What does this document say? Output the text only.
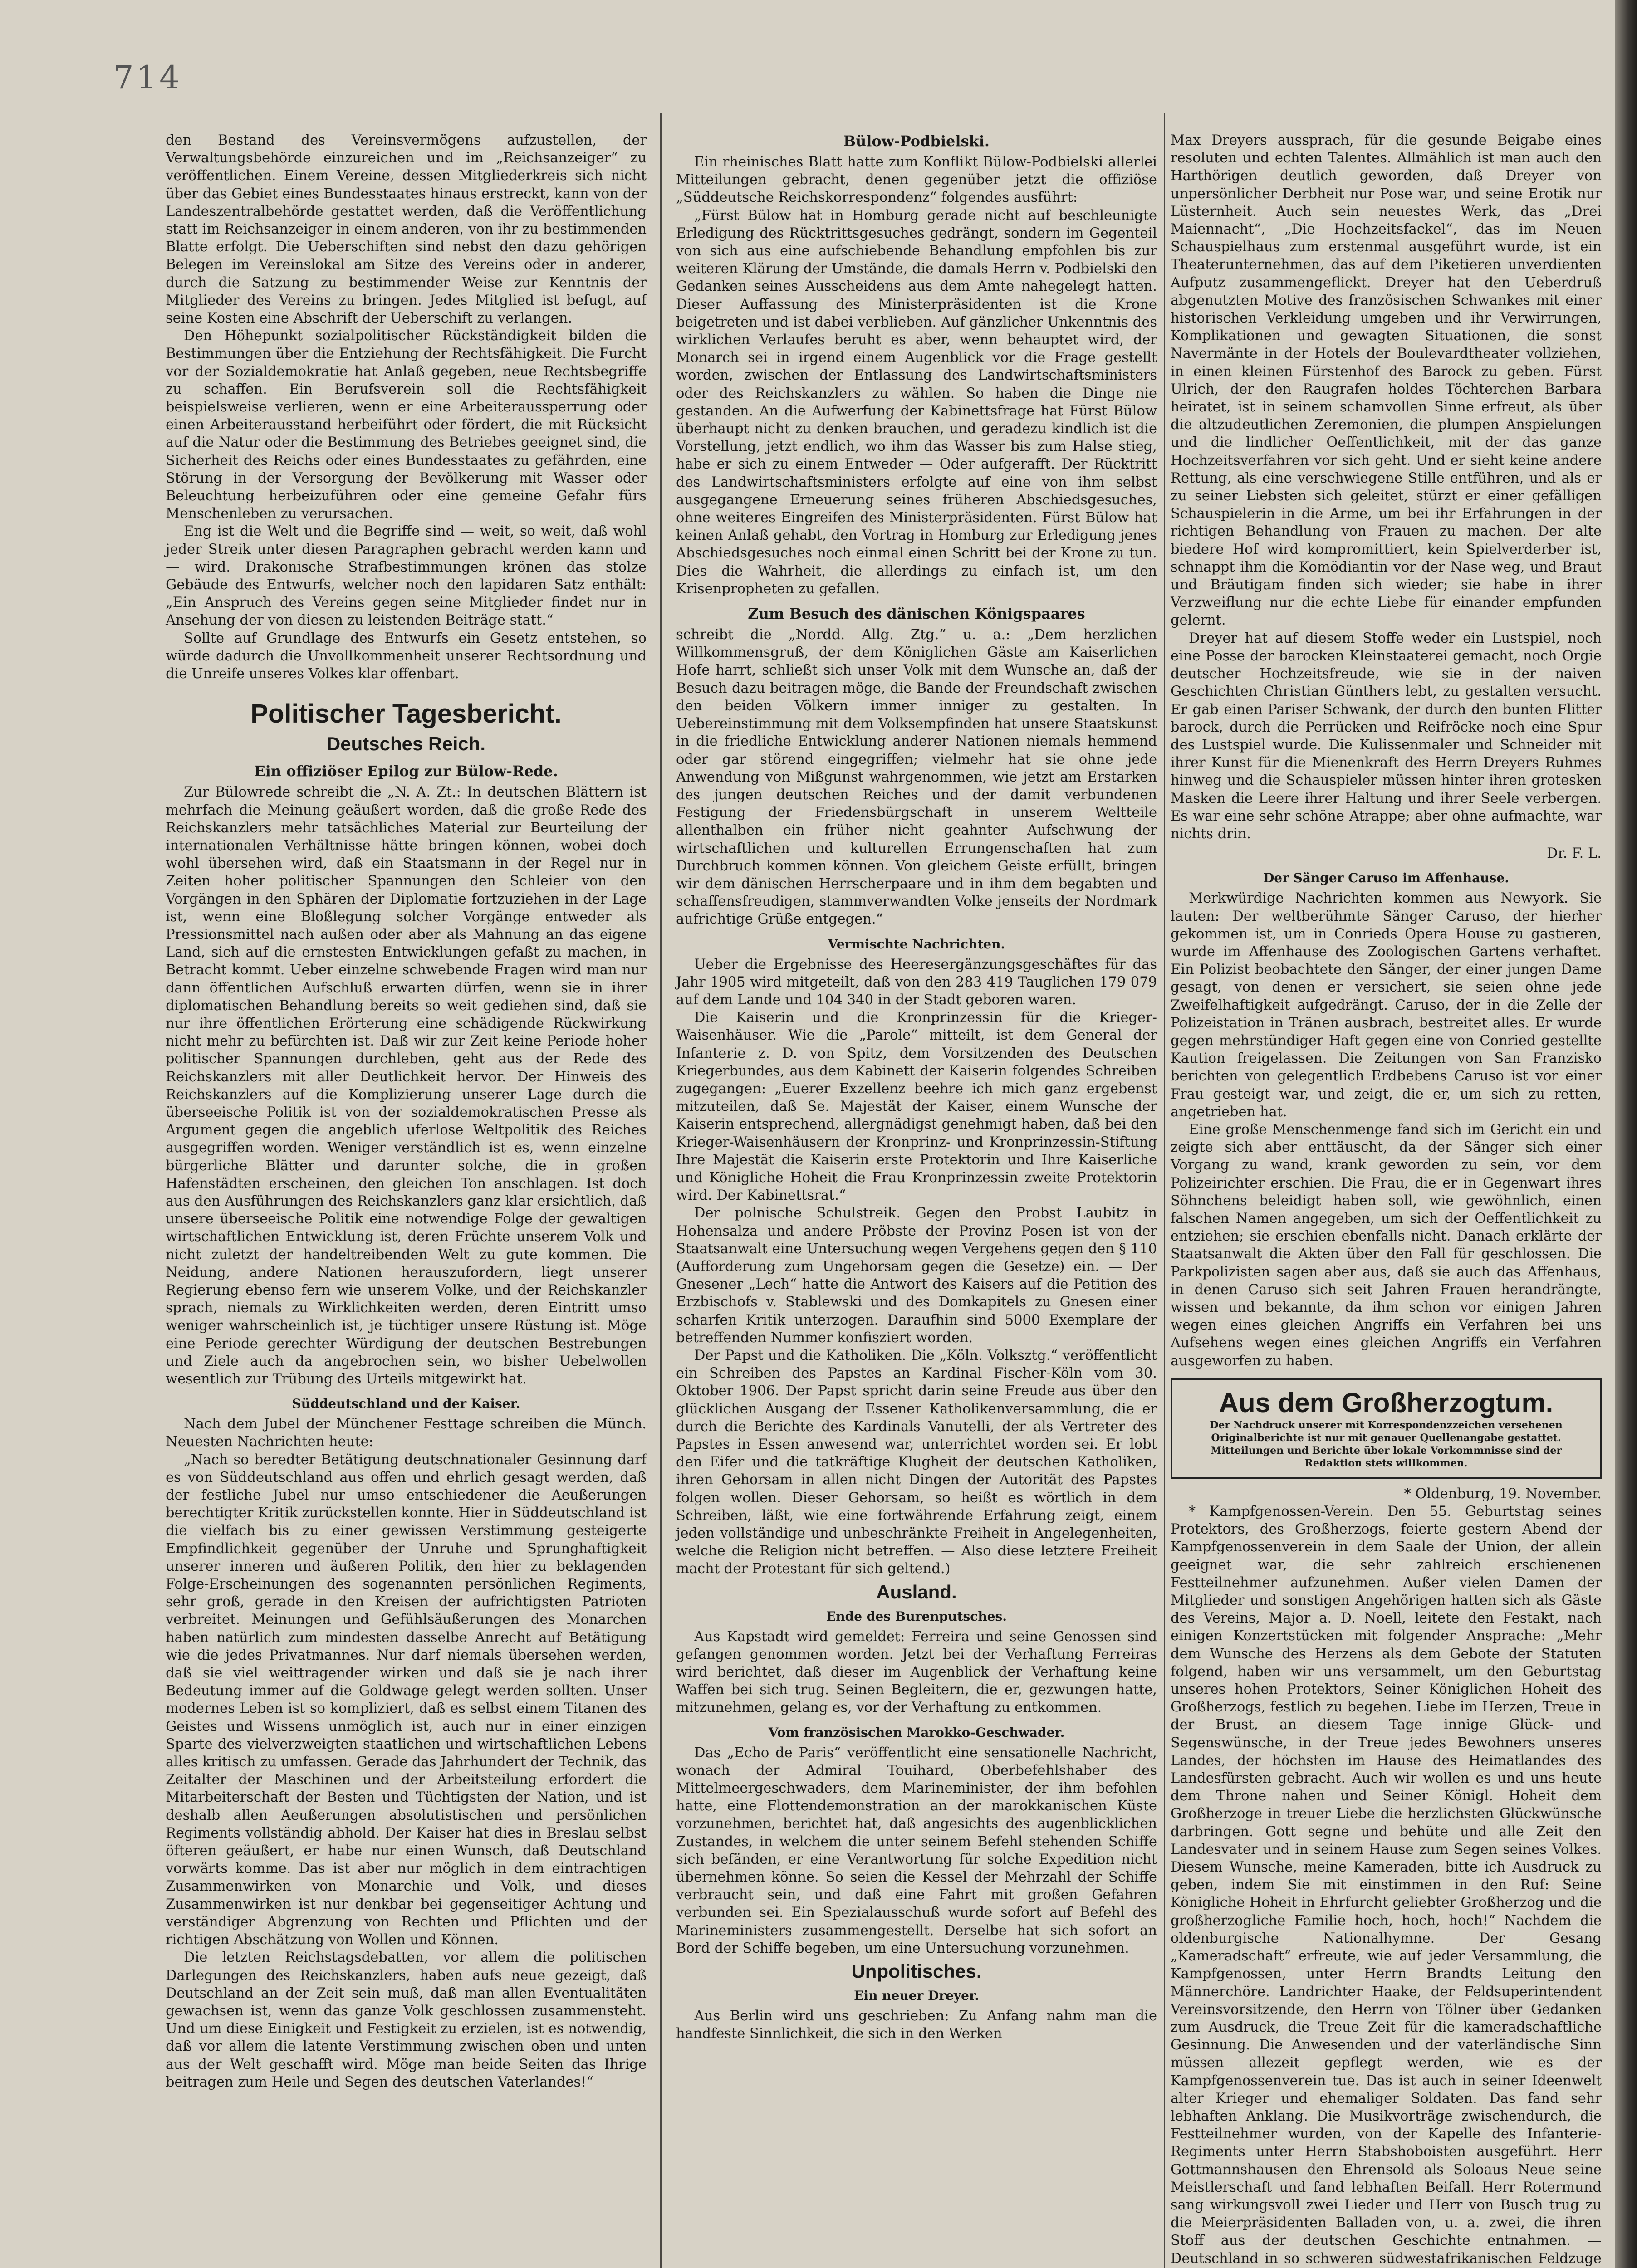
714

den Bestand des Vereinsvermögens aufzustellen, der Verwaltungsbehörde einzureichen und im „Reichsanzeiger“ zu veröffentlichen. Einem Vereine, dessen Mitgliederkreis sich nicht über das Gebiet eines Bundesstaates hinaus erstreckt, kann von der Landeszentralbehörde gestattet werden, daß die Veröffentlichung statt im Reichsanzeiger in einem anderen, von ihr zu bestimmenden Blatte erfolgt. Die Ueberschiften sind nebst den dazu gehörigen Belegen im Vereinslokal am Sitze des Vereins oder in anderer, durch die Satzung zu bestimmender Weise zur Kenntnis der Mitglieder des Vereins zu bringen. Jedes Mitglied ist befugt, auf seine Kosten eine Abschrift der Ueberschift zu verlangen.

Den Höhepunkt sozialpolitischer Rückständigkeit bilden die Bestimmungen über die Entziehung der Rechtsfähigkeit. Die Furcht vor der Sozialdemokratie hat Anlaß gegeben, neue Rechtsbegriffe zu schaffen. Ein Berufsverein soll die Rechtsfähigkeit beispielsweise verlieren, wenn er eine Arbeiteraussperrung oder einen Arbeiterausstand herbeiführt oder fördert, die mit Rücksicht auf die Natur oder die Bestimmung des Betriebes geeignet sind, die Sicherheit des Reichs oder eines Bundesstaates zu gefährden, eine Störung in der Versorgung der Bevölkerung mit Wasser oder Beleuchtung herbeizuführen oder eine gemeine Gefahr fürs Menschenleben zu verursachen.

Eng ist die Welt und die Begriffe sind — weit, so weit, daß wohl jeder Streik unter diesen Paragraphen gebracht werden kann und — wird. Drakonische Strafbestimmungen krönen das stolze Gebäude des Entwurfs, welcher noch den lapidaren Satz enthält: „Ein Anspruch des Vereins gegen seine Mitglieder findet nur in Ansehung der von diesen zu leistenden Beiträge statt.“

Sollte auf Grundlage des Entwurfs ein Gesetz entstehen, so würde dadurch die Unvollkommenheit unserer Rechtsordnung und die Unreife unseres Volkes klar offenbart.

Politischer Tagesbericht.
Deutsches Reich.
Ein offiziöser Epilog zur Bülow-Rede.

Zur Bülowrede schreibt die „N. A. Zt.: In deutschen Blättern ist mehrfach die Meinung geäußert worden, daß die große Rede des Reichskanzlers mehr tatsächliches Material zur Beurteilung der internationalen Verhältnisse hätte bringen können, wobei doch wohl übersehen wird, daß ein Staatsmann in der Regel nur in Zeiten hoher politischer Spannungen den Schleier von den Vorgängen in den Sphären der Diplomatie fortzuziehen in der Lage ist, wenn eine Bloßlegung solcher Vorgänge entweder als Pressionsmittel nach außen oder aber als Mahnung an das eigene Land, sich auf die ernstesten Entwicklungen gefaßt zu machen, in Betracht kommt. Ueber einzelne schwebende Fragen wird man nur dann öffentlichen Aufschluß erwarten dürfen, wenn sie in ihrer diplomatischen Behandlung bereits so weit gediehen sind, daß sie nur ihre öffentlichen Erörterung eine schädigende Rückwirkung nicht mehr zu befürchten ist. Daß wir zur Zeit keine Periode hoher politischer Spannungen durchleben, geht aus der Rede des Reichskanzlers mit aller Deutlichkeit hervor. Der Hinweis des Reichskanzlers auf die Komplizierung unserer Lage durch die überseeische Politik ist von der sozialdemokratischen Presse als Argument gegen die angeblich uferlose Weltpolitik des Reiches ausgegriffen worden. Weniger verständlich ist es, wenn einzelne bürgerliche Blätter und darunter solche, die in großen Hafenstädten erscheinen, den gleichen Ton anschlagen. Ist doch aus den Ausführungen des Reichskanzlers ganz klar ersichtlich, daß unsere überseeische Politik eine notwendige Folge der gewaltigen wirtschaftlichen Entwicklung ist, deren Früchte unserem Volk und nicht zuletzt der handeltreibenden Welt zu gute kommen. Die Neidung, andere Nationen herauszufordern, liegt unserer Regierung ebenso fern wie unserem Volke, und der Reichskanzler sprach, niemals zu Wirklichkeiten werden, deren Eintritt umso weniger wahrscheinlich ist, je tüchtiger unsere Rüstung ist. Möge eine Periode gerechter Würdigung der deutschen Bestrebungen und Ziele auch da angebrochen sein, wo bisher Uebelwollen wesentlich zur Trübung des Urteils mitgewirkt hat.

Süddeutschland und der Kaiser.

Nach dem Jubel der Münchener Festtage schreiben die Münch. Neuesten Nachrichten heute:

„Nach so beredter Betätigung deutschnationaler Gesinnung darf es von Süddeutschland aus offen und ehrlich gesagt werden, daß der festliche Jubel nur umso entschiedener die Aeußerungen berechtigter Kritik zurückstellen konnte. Hier in Süddeutschland ist die vielfach bis zu einer gewissen Verstimmung gesteigerte Empfindlichkeit gegenüber der Unruhe und Sprunghaftigkeit unserer inneren und äußeren Politik, den hier zu beklagenden Folge-Erscheinungen des sogenannten persönlichen Regiments, sehr groß, gerade in den Kreisen der aufrichtigsten Patrioten verbreitet. Meinungen und Gefühlsäußerungen des Monarchen haben natürlich zum mindesten dasselbe Anrecht auf Betätigung wie die jedes Privatmannes. Nur darf niemals übersehen werden, daß sie viel weittragender wirken und daß sie je nach ihrer Bedeutung immer auf die Goldwage gelegt werden sollten. Unser modernes Leben ist so kompliziert, daß es selbst einem Titanen des Geistes und Wissens unmöglich ist, auch nur in einer einzigen Sparte des vielverzweigten staatlichen und wirtschaftlichen Lebens alles kritisch zu umfassen. Gerade das Jahrhundert der Technik, das Zeitalter der Maschinen und der Arbeitsteilung erfordert die Mitarbeiterschaft der Besten und Tüchtigsten der Nation, und ist deshalb allen Aeußerungen absolutistischen und persönlichen Regiments vollständig abhold. Der Kaiser hat dies in Breslau selbst öfteren geäußert, er habe nur einen Wunsch, daß Deutschland vorwärts komme. Das ist aber nur möglich in dem eintrachtigen Zusammenwirken von Monarchie und Volk, und dieses Zusammenwirken ist nur denkbar bei gegenseitiger Achtung und verständiger Abgrenzung von Rechten und Pflichten und der richtigen Abschätzung von Wollen und Können.

Die letzten Reichstagsdebatten, vor allem die politischen Darlegungen des Reichskanzlers, haben aufs neue gezeigt, daß Deutschland an der Zeit sein muß, daß man allen Eventualitäten gewachsen ist, wenn das ganze Volk geschlossen zusammensteht. Und um diese Einigkeit und Festigkeit zu erzielen, ist es notwendig, daß vor allem die latente Verstimmung zwischen oben und unten aus der Welt geschafft wird. Möge man beide Seiten das Ihrige beitragen zum Heile und Segen des deutschen Vaterlandes!“

Bülow-Podbielski.

Ein rheinisches Blatt hatte zum Konflikt Bülow-Podbielski allerlei Mitteilungen gebracht, denen gegenüber jetzt die offiziöse „Süddeutsche Reichskorrespondenz“ folgendes ausführt:

„Fürst Bülow hat in Homburg gerade nicht auf beschleunigte Erledigung des Rücktrittsgesuches gedrängt, sondern im Gegenteil von sich aus eine aufschiebende Behandlung empfohlen bis zur weiteren Klärung der Umstände, die damals Herrn v. Podbielski den Gedanken seines Ausscheidens aus dem Amte nahegelegt hatten. Dieser Auffassung des Ministerpräsidenten ist die Krone beigetreten und ist dabei verblieben. Auf gänzlicher Unkenntnis des wirklichen Verlaufes beruht es aber, wenn behauptet wird, der Monarch sei in irgend einem Augenblick vor die Frage gestellt worden, zwischen der Entlassung des Landwirtschaftsministers oder des Reichskanzlers zu wählen. So haben die Dinge nie gestanden. An die Aufwerfung der Kabinettsfrage hat Fürst Bülow überhaupt nicht zu denken brauchen, und geradezu kindlich ist die Vorstellung, jetzt endlich, wo ihm das Wasser bis zum Halse stieg, habe er sich zu einem Entweder — Oder aufgerafft. Der Rücktritt des Landwirtschaftsministers erfolgte auf eine von ihm selbst ausgegangene Erneuerung seines früheren Abschiedsgesuches, ohne weiteres Eingreifen des Ministerpräsidenten. Fürst Bülow hat keinen Anlaß gehabt, den Vortrag in Homburg zur Erledigung jenes Abschiedsgesuches noch einmal einen Schritt bei der Krone zu tun. Dies die Wahrheit, die allerdings zu einfach ist, um den Krisenpropheten zu gefallen.

Zum Besuch des dänischen Königspaares

schreibt die „Nordd. Allg. Ztg.“ u. a.: „Dem herzlichen Willkommensgruß, der dem Königlichen Gäste am Kaiserlichen Hofe harrt, schließt sich unser Volk mit dem Wunsche an, daß der Besuch dazu beitragen möge, die Bande der Freundschaft zwischen den beiden Völkern immer inniger zu gestalten. In Uebereinstimmung mit dem Volksempfinden hat unsere Staatskunst in die friedliche Entwicklung anderer Nationen niemals hemmend oder gar störend eingegriffen; vielmehr hat sie ohne jede Anwendung von Mißgunst wahrgenommen, wie jetzt am Erstarken des jungen deutschen Reiches und der damit verbundenen Festigung der Friedensbürgschaft in unserem Weltteile allenthalben ein früher nicht geahnter Aufschwung der wirtschaftlichen und kulturellen Errungenschaften hat zum Durchbruch kommen können. Von gleichem Geiste erfüllt, bringen wir dem dänischen Herrscherpaare und in ihm dem begabten und schaffensfreudigen, stammverwandten Volke jenseits der Nordmark aufrichtige Grüße entgegen.“

Vermischte Nachrichten.

Ueber die Ergebnisse des Heeresergänzungsgeschäftes für das Jahr 1905 wird mitgeteilt, daß von den 283 419 Tauglichen 179 079 auf dem Lande und 104 340 in der Stadt geboren waren.

Die Kaiserin und die Kronprinzessin für die Krieger-Waisenhäuser. Wie die „Parole“ mitteilt, ist dem General der Infanterie z. D. von Spitz, dem Vorsitzenden des Deutschen Kriegerbundes, aus dem Kabinett der Kaiserin folgendes Schreiben zugegangen: „Euerer Exzellenz beehre ich mich ganz ergebenst mitzuteilen, daß Se. Majestät der Kaiser, einem Wunsche der Kaiserin entsprechend, allergnädigst genehmigt haben, daß bei den Krieger-Waisenhäusern der Kronprinz- und Kronprinzessin-Stiftung Ihre Majestät die Kaiserin erste Protektorin und Ihre Kaiserliche und Königliche Hoheit die Frau Kronprinzessin zweite Protektorin wird. Der Kabinettsrat.“

Der polnische Schulstreik. Gegen den Probst Laubitz in Hohensalza und andere Pröbste der Provinz Posen ist von der Staatsanwalt eine Untersuchung wegen Vergehens gegen den § 110 (Aufforderung zum Ungehorsam gegen die Gesetze) ein. — Der Gnesener „Lech“ hatte die Antwort des Kaisers auf die Petition des Erzbischofs v. Stablewski und des Domkapitels zu Gnesen einer scharfen Kritik unterzogen. Daraufhin sind 5000 Exemplare der betreffenden Nummer konfisziert worden.

Der Papst und die Katholiken. Die „Köln. Volksztg.“ veröffentlicht ein Schreiben des Papstes an Kardinal Fischer-Köln vom 30. Oktober 1906. Der Papst spricht darin seine Freude aus über den glücklichen Ausgang der Essener Katholikenversammlung, die er durch die Berichte des Kardinals Vanutelli, der als Vertreter des Papstes in Essen anwesend war, unterrichtet worden sei. Er lobt den Eifer und die tatkräftige Klugheit der deutschen Katholiken, ihren Gehorsam in allen nicht Dingen der Autorität des Papstes folgen wollen. Dieser Gehorsam, so heißt es wörtlich in dem Schreiben, läßt, wie eine fortwährende Erfahrung zeigt, einem jeden vollständige und unbeschränkte Freiheit in Angelegenheiten, welche die Religion nicht betreffen. — Also diese letztere Freiheit macht der Protestant für sich geltend.)

Ausland.
Ende des Burenputsches.

Aus Kapstadt wird gemeldet: Ferreira und seine Genossen sind gefangen genommen worden. Jetzt bei der Verhaftung Ferreiras wird berichtet, daß dieser im Augenblick der Verhaftung keine Waffen bei sich trug. Seinen Begleitern, die er, gezwungen hatte, mitzunehmen, gelang es, vor der Verhaftung zu entkommen.

Vom französischen Marokko-Geschwader.

Das „Echo de Paris“ veröffentlicht eine sensationelle Nachricht, wonach der Admiral Touihard, Oberbefehlshaber des Mittelmeergeschwaders, dem Marineminister, der ihm befohlen hatte, eine Flottendemonstration an der marokkanischen Küste vorzunehmen, berichtet hat, daß angesichts des augenblicklichen Zustandes, in welchem die unter seinem Befehl stehenden Schiffe sich befänden, er eine Verantwortung für solche Expedition nicht übernehmen könne. So seien die Kessel der Mehrzahl der Schiffe verbraucht sein, und daß eine Fahrt mit großen Gefahren verbunden sei. Ein Spezialausschuß wurde sofort auf Befehl des Marineministers zusammengestellt. Derselbe hat sich sofort an Bord der Schiffe begeben, um eine Untersuchung vorzunehmen.

Unpolitisches.
Ein neuer Dreyer.

Aus Berlin wird uns geschrieben: Zu Anfang nahm man die handfeste Sinnlichkeit, die sich in den Werken

Max Dreyers aussprach, für die gesunde Beigabe eines resoluten und echten Talentes. Allmählich ist man auch den Harthörigen deutlich geworden, daß Dreyer von unpersönlicher Derbheit nur Pose war, und seine Erotik nur Lüsternheit. Auch sein neuestes Werk, das „Drei Maiennacht“, „Die Hochzeitsfackel“, das im Neuen Schauspielhaus zum erstenmal ausgeführt wurde, ist ein Theaterunternehmen, das auf dem Piketieren unverdienten Aufputz zusammengeflickt. Dreyer hat den Ueberdruß abgenutzten Motive des französischen Schwankes mit einer historischen Verkleidung umgeben und ihr Verwirrungen, Komplikationen und gewagten Situationen, die sonst Navermänte in der Hotels der Boulevardtheater vollziehen, in einen kleinen Fürstenhof des Barock zu geben. Fürst Ulrich, der den Raugrafen holdes Töchterchen Barbara heiratet, ist in seinem schamvollen Sinne erfreut, als über die altzudeutlichen Zeremonien, die plumpen Anspielungen und die lindlicher Oeffentlichkeit, mit der das ganze Hochzeitsverfahren vor sich geht. Und er sieht keine andere Rettung, als eine verschwiegene Stille entführen, und als er zu seiner Liebsten sich geleitet, stürzt er einer gefälligen Schauspielerin in die Arme, um bei ihr Erfahrungen in der richtigen Behandlung von Frauen zu machen. Der alte biedere Hof wird kompromittiert, kein Spielverderber ist, schnappt ihm die Komödiantin vor der Nase weg, und Braut und Bräutigam finden sich wieder; sie habe in ihrer Verzweiflung nur die echte Liebe für einander empfunden gelernt.

Dreyer hat auf diesem Stoffe weder ein Lustspiel, noch eine Posse der barocken Kleinstaaterei gemacht, noch Orgie deutscher Hochzeitsfreude, wie sie in der naiven Geschichten Christian Günthers lebt, zu gestalten versucht. Er gab einen Pariser Schwank, der durch den bunten Flitter barock, durch die Perrücken und Reifröcke noch eine Spur des Lustspiel wurde. Die Kulissenmaler und Schneider mit ihrer Kunst für die Mienenkraft des Herrn Dreyers Ruhmes hinweg und die Schauspieler müssen hinter ihren grotesken Masken die Leere ihrer Haltung und ihrer Seele verbergen. Es war eine sehr schöne Atrappe; aber ohne aufmachte, war nichts drin.

Dr. F. L.
Der Sänger Caruso im Affenhause.

Merkwürdige Nachrichten kommen aus Newyork. Sie lauten: Der weltberühmte Sänger Caruso, der hierher gekommen ist, um in Conrieds Opera House zu gastieren, wurde im Affenhause des Zoologischen Gartens verhaftet. Ein Polizist beobachtete den Sänger, der einer jungen Dame gesagt, von denen er versichert, sie seien ohne jede Zweifelhaftigkeit aufgedrängt. Caruso, der in die Zelle der Polizeistation in Tränen ausbrach, bestreitet alles. Er wurde gegen mehrstündiger Haft gegen eine von Conried gestellte Kaution freigelassen. Die Zeitungen von San Franzisko berichten von gelegentlich Erdbebens Caruso ist vor einer Frau gesteigt war, und zeigt, die er, um sich zu retten, angetrieben hat.

Eine große Menschenmenge fand sich im Gericht ein und zeigte sich aber enttäuscht, da der Sänger sich einer Vorgang zu wand, krank geworden zu sein, vor dem Polizeirichter erschien. Die Frau, die er in Gegenwart ihres Söhnchens beleidigt haben soll, wie gewöhnlich, einen falschen Namen angegeben, um sich der Oeffentlichkeit zu entziehen; sie erschien ebenfalls nicht. Danach erklärte der Staatsanwalt die Akten über den Fall für geschlossen. Die Parkpolizisten sagen aber aus, daß sie auch das Affenhaus, in denen Caruso sich seit Jahren Frauen herandrängte, wissen und bekannte, da ihm schon vor einigen Jahren wegen eines gleichen Angriffs ein Verfahren bei uns Aufsehens wegen eines gleichen Angriffs ein Verfahren ausgeworfen zu haben.

Aus dem Großherzogtum.
Der Nachdruck unserer mit Korrespondenzzeichen versehenen Originalberichte ist nur mit genauer Quellenangabe gestattet. Mitteilungen und Berichte über lokale Vorkommnisse sind der Redaktion stets willkommen.
* Oldenburg, 19. November.

* Kampfgenossen-Verein. Den 55. Geburtstag seines Protektors, des Großherzogs, feierte gestern Abend der Kampfgenossenverein in dem Saale der Union, der allein geeignet war, die sehr zahlreich erschienenen Festteilnehmer aufzunehmen. Außer vielen Damen der Mitglieder und sonstigen Angehörigen hatten sich als Gäste des Vereins, Major a. D. Noell, leitete den Festakt, nach einigen Konzertstücken mit folgender Ansprache: „Mehr dem Wunsche des Herzens als dem Gebote der Statuten folgend, haben wir uns versammelt, um den Geburtstag unseres hohen Protektors, Seiner Königlichen Hoheit des Großherzogs, festlich zu begehen. Liebe im Herzen, Treue in der Brust, an diesem Tage innige Glück- und Segenswünsche, in der Treue jedes Bewohners unseres Landes, der höchsten im Hause des Heimatlandes des Landesfürsten gebracht. Auch wir wollen es und uns heute dem Throne nahen und Seiner Königl. Hoheit dem Großherzoge in treuer Liebe die herzlichsten Glückwünsche darbringen. Gott segne und behüte und alle Zeit den Landesvater und in seinem Hause zum Segen seines Volkes. Diesem Wunsche, meine Kameraden, bitte ich Ausdruck zu geben, indem Sie mit einstimmen in den Ruf: Seine Königliche Hoheit in Ehrfurcht geliebter Großherzog und die großherzogliche Familie hoch, hoch, hoch!“ Nachdem die oldenburgische Nationalhymne. Der Gesang „Kameradschaft“ erfreute, wie auf jeder Versammlung, die Kampfgenossen, unter Herrn Brandts Leitung den Männerchöre. Landrichter Haake, der Feldsuperintendent Vereinsvorsitzende, den Herrn von Tölner über Gedanken zum Ausdruck, die Treue Zeit für die kameradschaftliche Gesinnung. Die Anwesenden und der vaterländische Sinn müssen allezeit gepflegt werden, wie es der Kampfgenossenverein tue. Das ist auch in seiner Ideenwelt alter Krieger und ehemaliger Soldaten. Das fand sehr lebhaften Anklang. Die Musikvorträge zwischendurch, die Festteilnehmer wurden, von der Kapelle des Infanterie-Regiments unter Herrn Stabshoboisten ausgeführt. Herr Gottmannshausen den Ehrensold als Soloaus Neue seine Meistlerschaft und fand lebhaften Beifall. Herr Rotermund sang wirkungsvoll zwei Lieder und Herr von Busch trug zu die Meierpräsidenten Balladen von, u. a. zwei, die ihren Stoff aus der deutschen Geschichte entnahmen. — Deutschland in so schweren südwestafrikanischen Feldzuge
